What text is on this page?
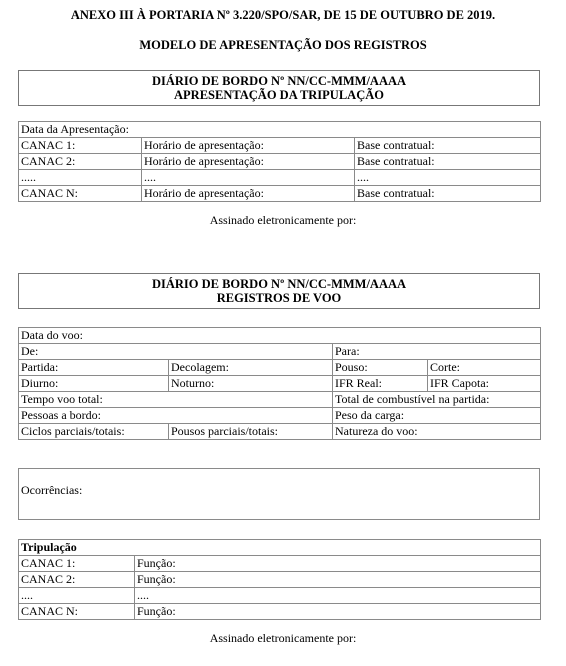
ANEXO III À PORTARIA Nº 3.220/SPO/SAR, DE 15 DE OUTUBRO DE 2019.
MODELO DE APRESENTAÇÃO DOS REGISTROS
DIÁRIO DE BORDO Nº NN/CC-MMM/AAAA
APRESENTAÇÃO DA TRIPULAÇÃO
Data da Apresentação:		
CANAC 1:	Horário de apresentação:	Base contratual:
CANAC 2:	Horário de apresentação:	Base contratual:
.....	....	....
CANAC N:	Horário de apresentação:	Base contratual:
Assinado eletronicamente por:
DIÁRIO DE BORDO Nº NN/CC-MMM/AAAA
REGISTROS DE VOO
Data do voo:			
De:		Para:	
Partida:	Decolagem:	Pouso:	Corte:
Diurno:	Noturno:	IFR Real:	IFR Capota:
Tempo voo total:		Total de combustível na partida:	
Pessoas a bordo:		Peso da carga:	
Ciclos parciais/totais:	Pousos parciais/totais:	Natureza do voo:	
Ocorrências:
Tripulação	
CANAC 1:	Função:
CANAC 2:	Função:
....	....
CANAC N:	Função:
Assinado eletronicamente por:
